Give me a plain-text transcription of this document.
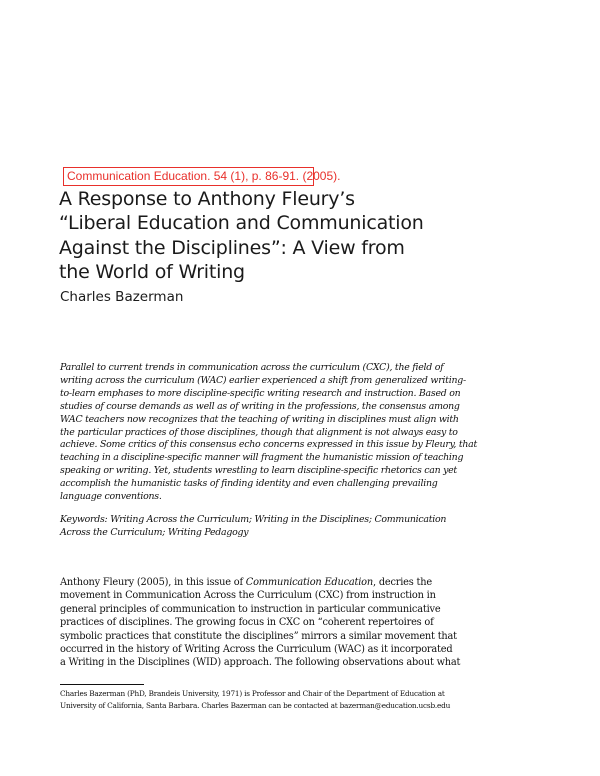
Communication Education. 54 (1), p. 86-91. (2005).
A Response to Anthony Fleury’s
“Liberal Education and Communication
Against the Disciplines”: A View from
the World of Writing
Charles Bazerman
Parallel to current trends in communication across the curriculum (CXC), the field of
writing across the curriculum (WAC) earlier experienced a shift from generalized writing-
to-learn emphases to more discipline-specific writing research and instruction. Based on
studies of course demands as well as of writing in the professions, the consensus among
WAC teachers now recognizes that the teaching of writing in disciplines must align with
the particular practices of those disciplines, though that alignment is not always easy to
achieve. Some critics of this consensus echo concerns expressed in this issue by Fleury, that
teaching in a discipline-specific manner will fragment the humanistic mission of teaching
speaking or writing. Yet, students wrestling to learn discipline-specific rhetorics can yet
accomplish the humanistic tasks of finding identity and even challenging prevailing
language conventions.
Keywords: Writing Across the Curriculum; Writing in the Disciplines; Communication
Across the Curriculum; Writing Pedagogy
Anthony Fleury (2005), in this issue of Communication Education, decries the
movement in Communication Across the Curriculum (CXC) from instruction in
general principles of communication to instruction in particular communicative
practices of disciplines. The growing focus in CXC on “coherent repertoires of
symbolic practices that constitute the disciplines” mirrors a similar movement that
occurred in the history of Writing Across the Curriculum (WAC) as it incorporated
a Writing in the Disciplines (WID) approach. The following observations about what
Charles Bazerman (PhD, Brandeis University, 1971) is Professor and Chair of the Department of Education at
University of California, Santa Barbara. Charles Bazerman can be contacted at bazerman@education.ucsb.edu
